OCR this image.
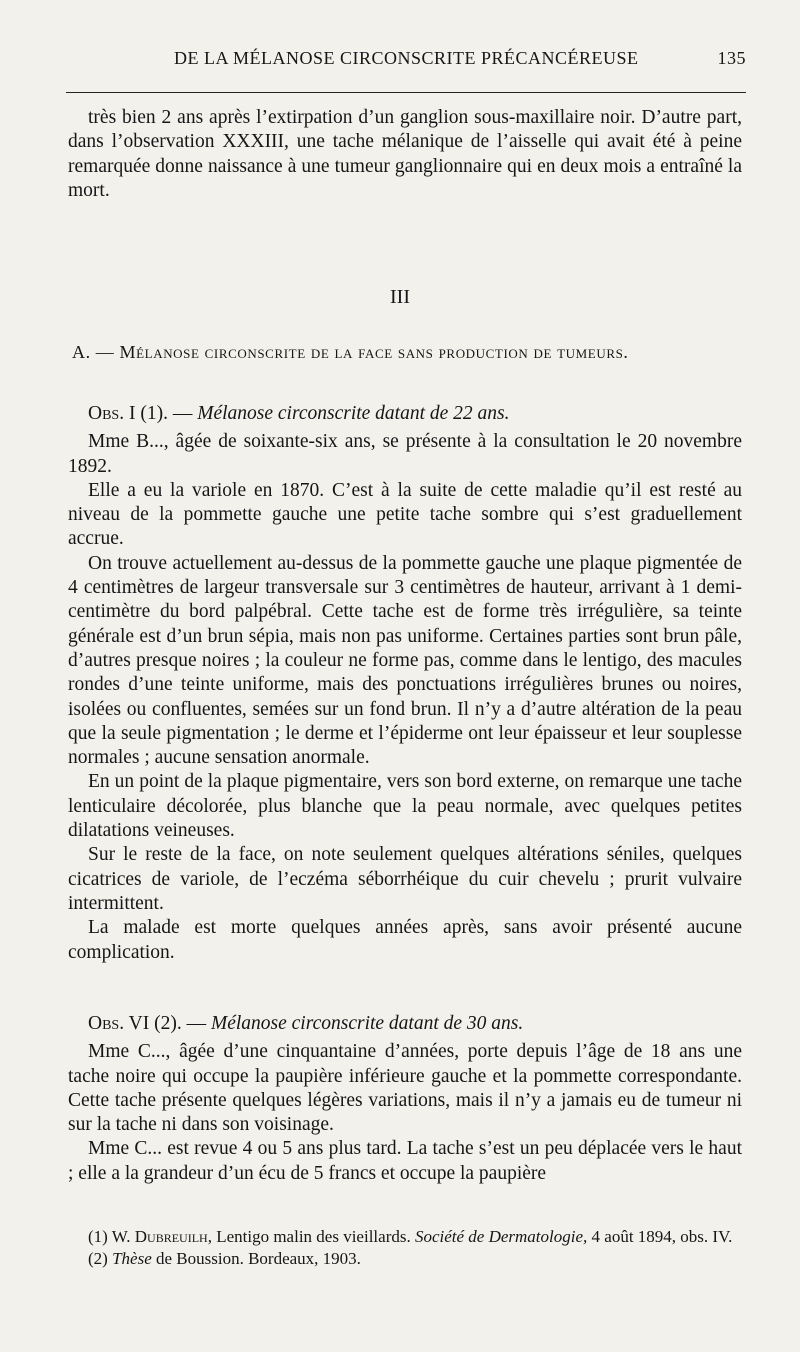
DE LA MÉLANOSE CIRCONSCRITE PRÉCANCÉREUSE	135

très bien 2 ans après l’extirpation d’un ganglion sous-maxillaire noir. D’autre part, dans l’observation XXXIII, une tache mélanique de l’aisselle qui avait été à peine remarquée donne naissance à une tumeur ganglionnaire qui en deux mois a entraîné la mort.

III
A. — Mélanose circonscrite de la face sans production de tumeurs.
Obs. I (1). — Mélanose circonscrite datant de 22 ans.

Mme B..., âgée de soixante-six ans, se présente à la consultation le 20 novembre 1892.

Elle a eu la variole en 1870. C’est à la suite de cette maladie qu’il est resté au niveau de la pommette gauche une petite tache sombre qui s’est graduellement accrue.

On trouve actuellement au-dessus de la pommette gauche une plaque pigmentée de 4 centimètres de largeur transversale sur 3 centimètres de hauteur, arrivant à 1 demi-centimètre du bord palpébral. Cette tache est de forme très irrégulière, sa teinte générale est d’un brun sépia, mais non pas uniforme. Certaines parties sont brun pâle, d’autres presque noires ; la couleur ne forme pas, comme dans le lentigo, des macules rondes d’une teinte uniforme, mais des ponctuations irrégulières brunes ou noires, isolées ou confluentes, semées sur un fond brun. Il n’y a d’autre altération de la peau que la seule pigmentation ; le derme et l’épiderme ont leur épaisseur et leur souplesse normales ; aucune sensation anormale.

En un point de la plaque pigmentaire, vers son bord externe, on remarque une tache lenticulaire décolorée, plus blanche que la peau normale, avec quelques petites dilatations veineuses.

Sur le reste de la face, on note seulement quelques altérations séniles, quelques cicatrices de variole, de l’eczéma séborrhéique du cuir chevelu ; prurit vulvaire intermittent.

La malade est morte quelques années après, sans avoir présenté aucune complication.

Obs. VI (2). — Mélanose circonscrite datant de 30 ans.

Mme C..., âgée d’une cinquantaine d’années, porte depuis l’âge de 18 ans une tache noire qui occupe la paupière inférieure gauche et la pommette correspondante. Cette tache présente quelques légères variations, mais il n’y a jamais eu de tumeur ni sur la tache ni dans son voisinage.

Mme C... est revue 4 ou 5 ans plus tard. La tache s’est un peu déplacée vers le haut ; elle a la grandeur d’un écu de 5 francs et occupe la paupière

(1) W. Dubreuilh, Lentigo malin des vieillards. Société de Dermatologie, 4 août 1894, obs. IV.

(2) Thèse de Boussion. Bordeaux, 1903.
